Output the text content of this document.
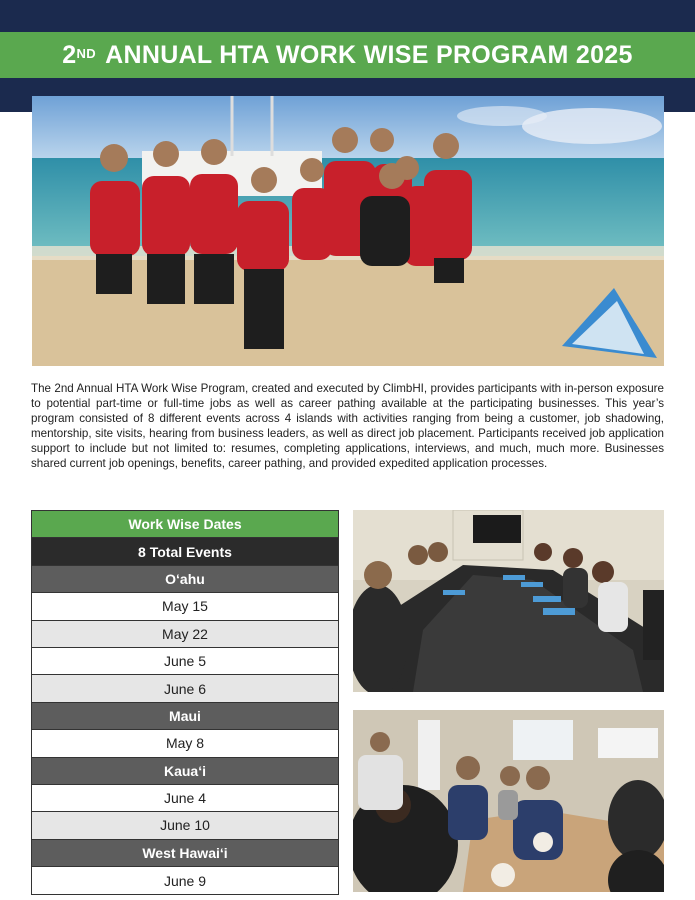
2ND
ANNUAL HTA WORK WISE PROGRAM 2025
The 2nd Annual HTA Work Wise Program, created and executed by ClimbHI, provides participants with in-person exposure to potential part-time or full-time jobs as well as career pathing available at the participating businesses. This year’s program consisted of 8 different events across 4 islands with activities ranging from being a customer, job shadowing, mentorship, site visits, hearing from business leaders, as well as direct job placement. Participants received job application support to include but not limited to: resumes, completing applications, interviews, and much, much more. Businesses shared current job openings, benefits, career pathing, and provided expedited application processes.
Work Wise Dates
8 Total Events
O‘ahu
May 15
May 22
June 5
June 6
Maui
May 8
Kaua‘i
June 4
June 10
West Hawai‘i
June 9
